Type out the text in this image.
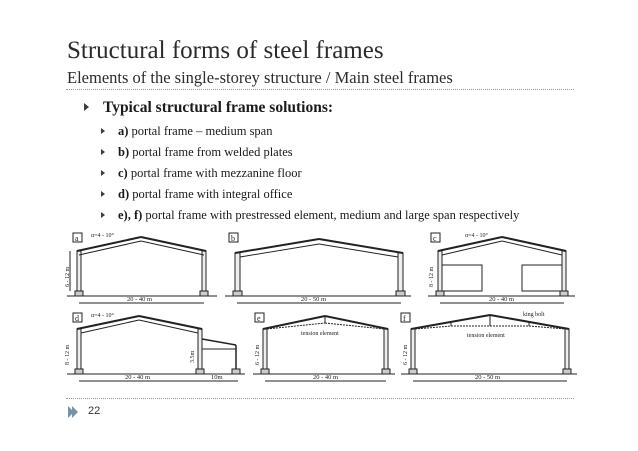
Structural forms of steel frames
Elements of the single-storey structure / Main steel frames
Typical structural frame solutions:
a) portal frame – medium span
b) portal frame from welded plates
c) portal frame with mezzanine floor
d) portal frame with integral office
e), f) portal frame with prestressed element, medium and large span respectively
a α=4 - 10°
6 - 12 m
20 - 40 m
b
20 - 50 m
c	α=4 - 10°
8 - 12 m
20 - 40 m
d α=4 - 10°
8 - 12 m	3.5m
20 - 40 m	10m
e
tension element
6 - 12 m
20 - 40 m
f
tension element
king bolt
6 - 12 m
20 - 50 m
22
